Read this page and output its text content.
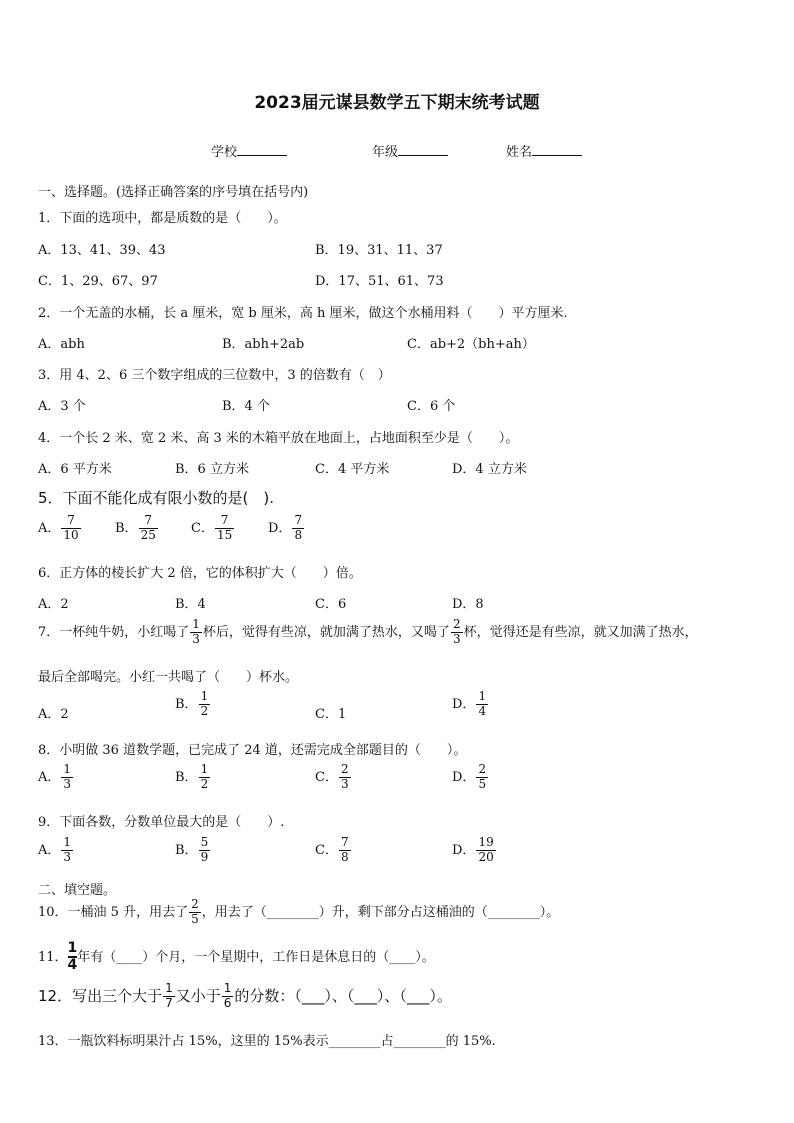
2023届元谋县数学五下期末统考试题
学校	年级	姓名
一、选择题。(选择正确答案的序号填在括号内)
1．下面的选项中，都是质数的是（　　）。
A．13、41、39、43	B．19、31、11、37
C．1、29、67、97	D．17、51、61、73
2．一个无盖的水桶，长 a 厘米，宽 b 厘米，高 h 厘米，做这个水桶用料（　　）平方厘米.
A．abh	B．abh+2ab	C．ab+2（bh+ah）
3．用 4、2、6 三个数字组成的三位数中，3 的倍数有（　）
A．3 个	B．4 个	C．6 个
4．一个长 2 米、宽 2 米、高 3 米的木箱平放在地面上，占地面积至少是（　　）。
A．6 平方米	B．6 立方米	C．4 平方米	D．4 立方米
5．下面不能化成有限小数的是(　).
A． $\frac{7}{10}$	B． $\frac{7}{25}$	C． $\frac{7}{15}$	D． $\frac{7}{8}$
6．正方体的棱长扩大 2 倍，它的体积扩大（　　）倍。
A．2	B．4	C．6	D．8
7．一杯纯牛奶，小红喝了 $\frac{1}{3}$ 杯后，觉得有些凉，就加满了热水，又喝了 $\frac{2}{3}$ 杯，觉得还是有些凉，就又加满了热水，
最后全部喝完。小红一共喝了（　　）杯水。
A．2
B． $\frac{1}{2}$	C．1
D． $\frac{1}{4}$
8．小明做 36 道数学题，已完成了 24 道，还需完成全部题目的（　　）。
A． $\frac{1}{3}$	B． $\frac{1}{2}$	C． $\frac{2}{3}$	D． $\frac{2}{5}$
9．下面各数，分数单位最大的是（　　）.
A． $\frac{1}{3}$	B． $\frac{5}{9}$	C． $\frac{7}{8}$	D． $\frac{19}{20}$
二、填空题。
10．一桶油 5 升，用去了 $\frac{2}{5}$ ，用去了（________）升，剩下部分占这桶油的（________）。
11．$\frac{1}{4}$ 年有（____）个月，一个星期中，工作日是休息日的（____）。
12．写出三个大于 $\frac{1}{7}$ 又小于 $\frac{1}{6}$ 的分数：（___）、（___）、（___）。
13．一瓶饮料标明果汁占 15%，这里的 15%表示________占________的 15%.
